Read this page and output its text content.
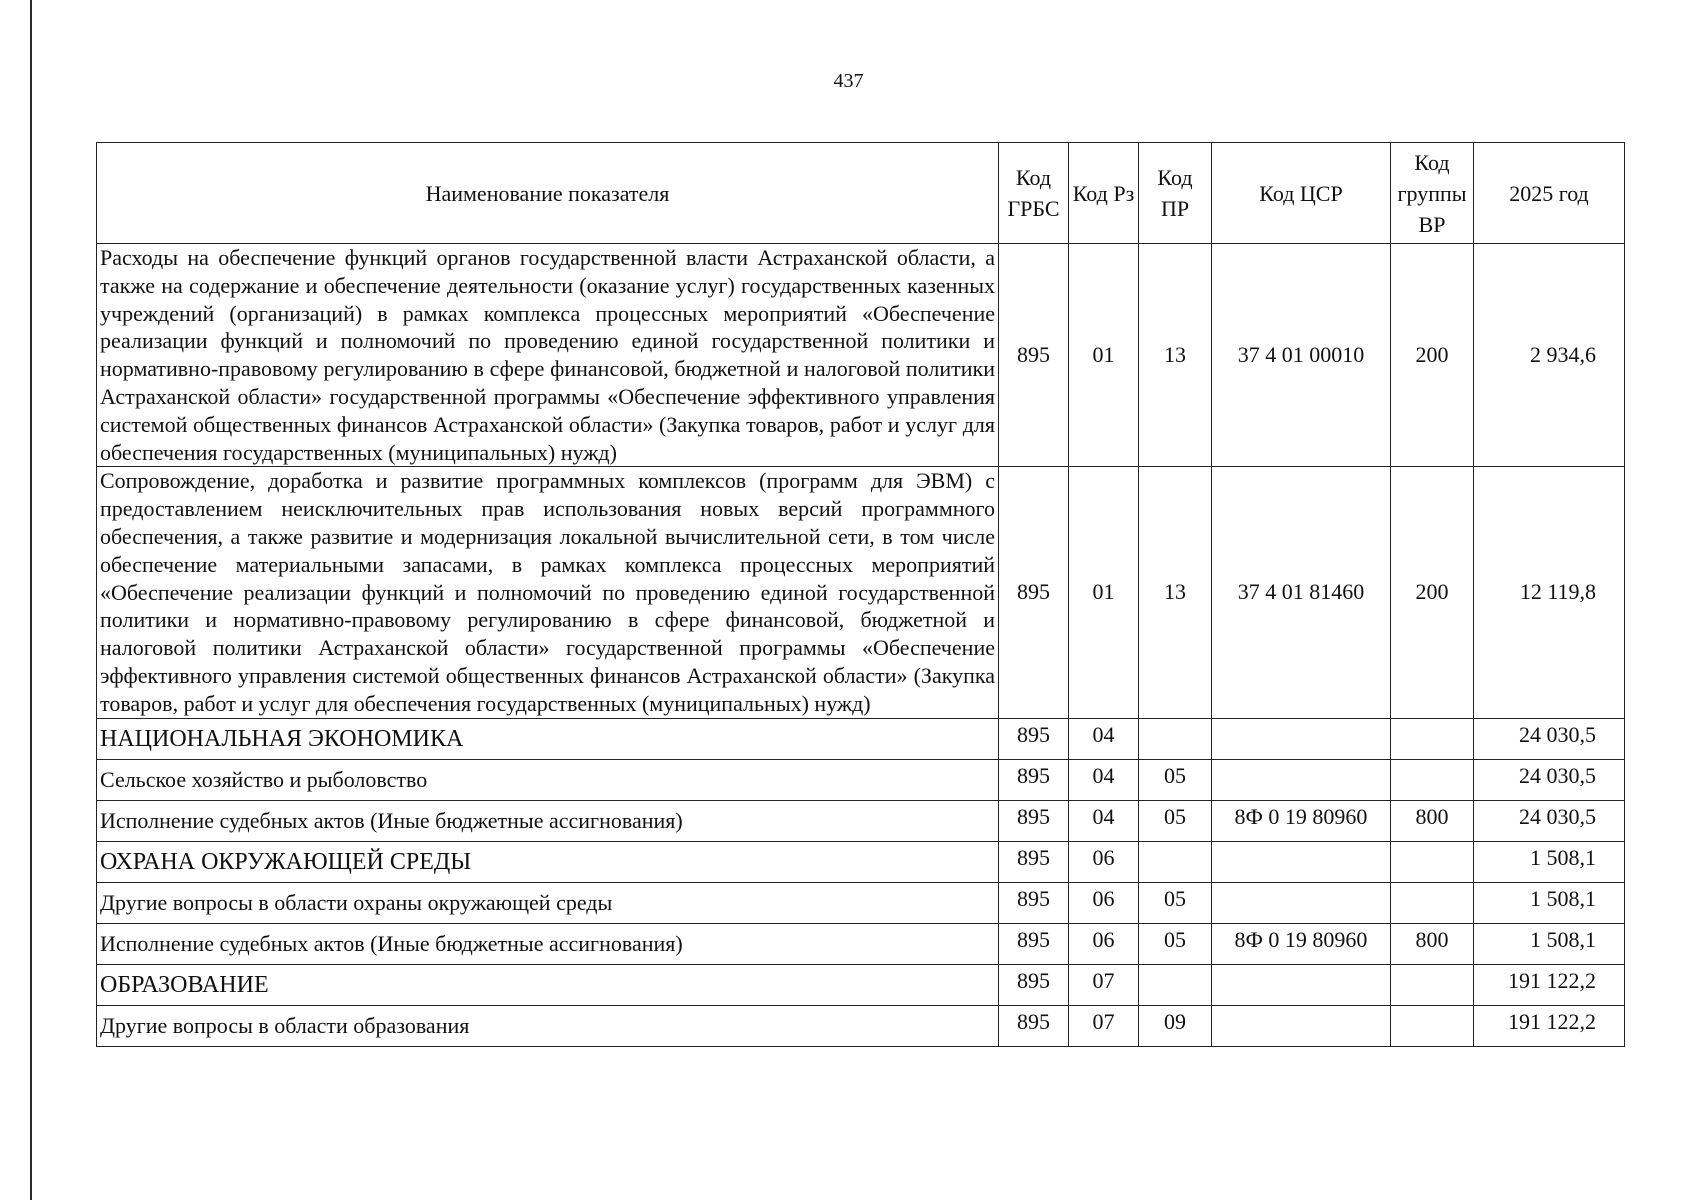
437
Наименование показателя	Код ГРБС	Код Рз	Код ПР	Код ЦСР	Код группы ВР	2025 год
Расходы на обеспечение функций органов государственной власти Астраханской области, а также на содержание и обеспечение деятельности (оказание услуг) государственных казенных учреждений (организаций) в рамках комплекса процессных мероприятий «Обеспечение реализации функций и полномочий по проведению единой государственной политики и нормативно-правовому регулированию в сфере финансовой, бюджетной и налоговой политики Астраханской области» государственной программы «Обеспечение эффективного управления системой общественных финансов Астраханской области» (Закупка товаров, работ и услуг для обеспечения государственных (муниципальных) нужд)	895	01	13	37 4 01 00010	200	2 934,6
Сопровождение, доработка и развитие программных комплексов (программ для ЭВМ) с предоставлением неисключительных прав использования новых версий программного обеспечения, а также развитие и модернизация локальной вычислительной сети, в том числе обеспечение материальными запасами, в рамках комплекса процессных мероприятий «Обеспечение реализации функций и полномочий по проведению единой государственной политики и нормативно-правовому регулированию в сфере финансовой, бюджетной и налоговой политики Астраханской области» государственной программы «Обеспечение эффективного управления системой общественных финансов Астраханской области» (Закупка товаров, работ и услуг для обеспечения государственных (муниципальных) нужд)	895	01	13	37 4 01 81460	200	12 119,8
НАЦИОНАЛЬНАЯ ЭКОНОМИКА	895	04				24 030,5
Сельское хозяйство и рыболовство	895	04	05			24 030,5
Исполнение судебных актов (Иные бюджетные ассигнования)	895	04	05	8Ф 0 19 80960	800	24 030,5
ОХРАНА ОКРУЖАЮЩЕЙ СРЕДЫ	895	06				1 508,1
Другие вопросы в области охраны окружающей среды	895	06	05			1 508,1
Исполнение судебных актов (Иные бюджетные ассигнования)	895	06	05	8Ф 0 19 80960	800	1 508,1
ОБРАЗОВАНИЕ	895	07				191 122,2
Другие вопросы в области образования	895	07	09			191 122,2
